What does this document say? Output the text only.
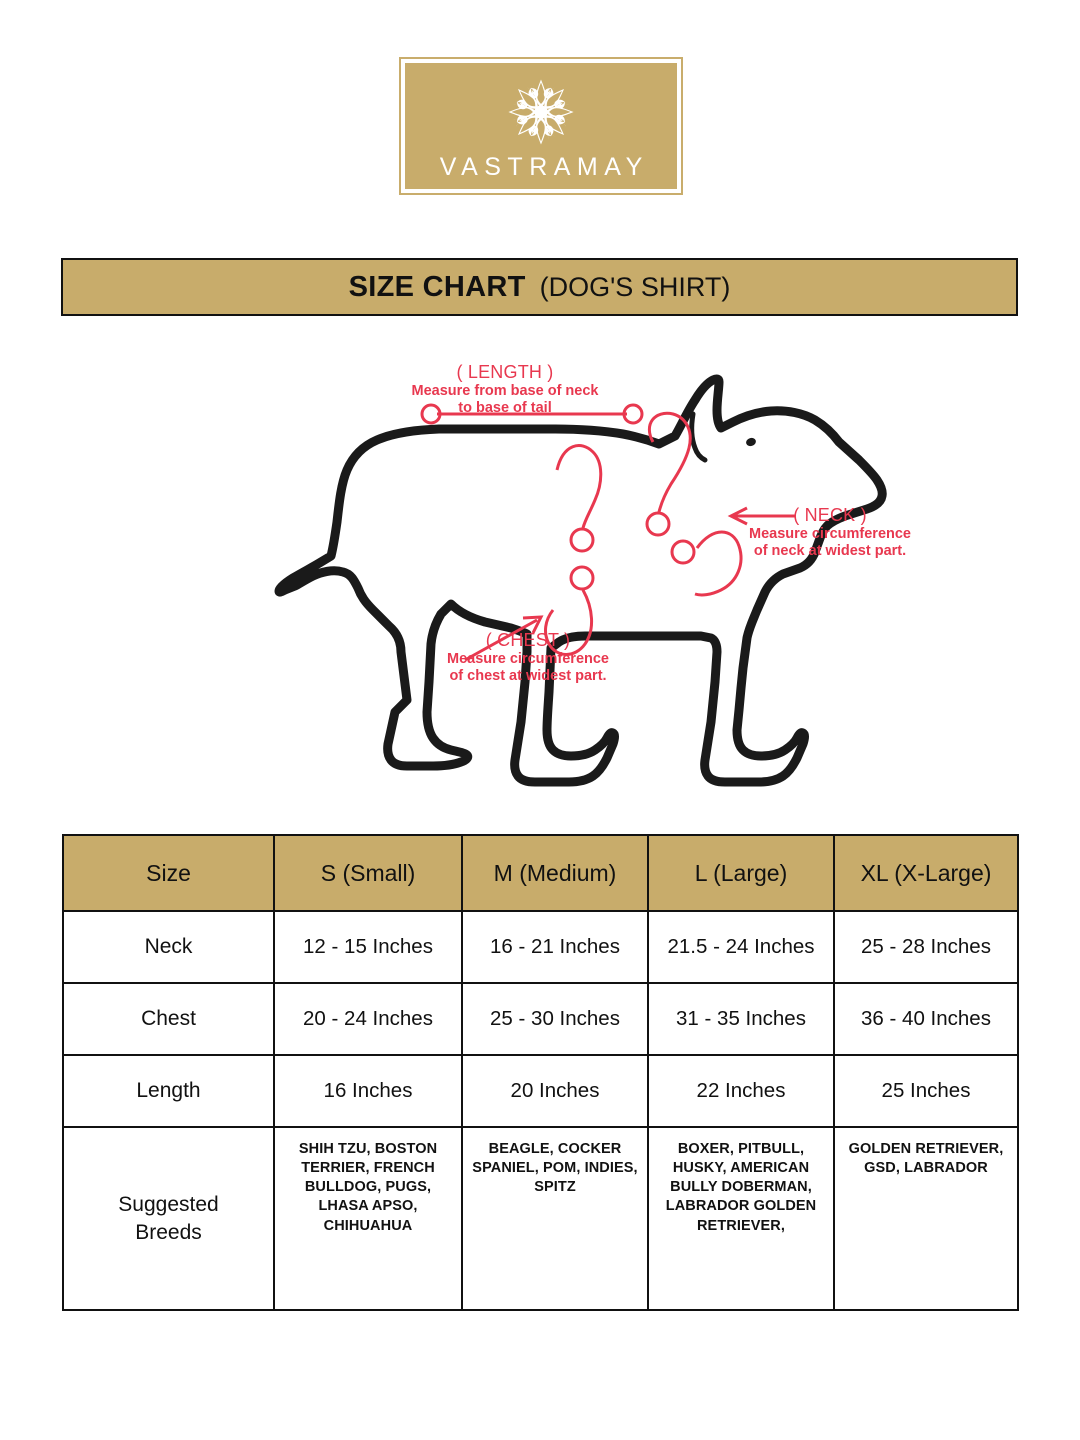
VASTRAMAY
SIZE CHART (DOG'S SHIRT)
( LENGTH )
Measure from base of neck
to base of tail
( NECK )
Measure circumference
of neck at widest part.
( CHEST )
Measure circumference
of chest at widest part.
Size	S (Small)	M (Medium)	L (Large)	XL (X-Large)
Neck	12 - 15 Inches	16 - 21 Inches	21.5 - 24 Inches	25 - 28 Inches
Chest	20 - 24 Inches	25 - 30 Inches	31 - 35 Inches	36 - 40 Inches
Length	16 Inches	20 Inches	22 Inches	25 Inches

Suggested
Breeds	SHIH TZU, BOSTON TERRIER, FRENCH BULLDOG, PUGS, LHASA APSO, CHIHUAHUA	BEAGLE, COCKER SPANIEL, POM, INDIES, SPITZ	BOXER, PITBULL, HUSKY, AMERICAN BULLY DOBERMAN, LABRADOR GOLDEN RETRIEVER,	GOLDEN RETRIEVER, GSD, LABRADOR
